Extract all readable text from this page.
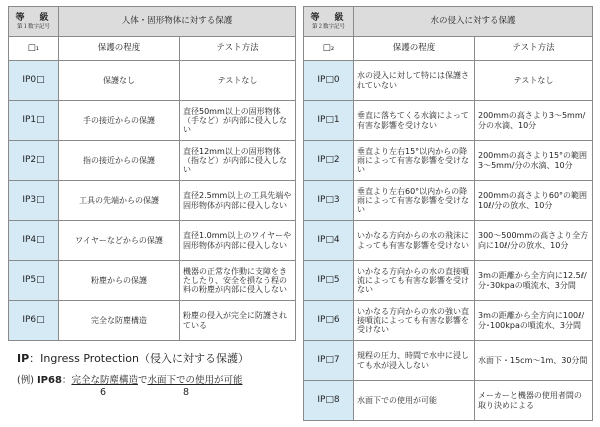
等　級
第１数字記号	人体・固形物体に対する保護	
□₁	保護の程度	テスト方法
IP0□	保護なし	テストなし
IP1□	手の接近からの保護	直径50mm以上の固形物体（手など）が内部に侵入しない
IP2□	指の接近からの保護	直径12mm以上の固形物体（指など）が内部に侵入しない
IP3□	工具の先端からの保護	直径2.5mm以上の工具先端や固形物体が内部に侵入しない
IP4□	ワイヤーなどからの保護	直径1.0mm以上のワイヤーや固形物体が内部に侵入しない
IP5□	粉塵からの保護	機器の正常な作動に支障をきたしたり、安全を損なう程の料の粉塵が内部に侵入しない
IP6□	完全な防塵構造	粉塵の侵入が完全に防護されている
等　級
第２数字記号	水の侵入に対する保護	
□₂	保護の程度	テスト方法
IP□0	水の浸入に対して特には保護されていない	テストなし
IP□1	垂直に落ちてくる水滴によって有害な影響を受けない	200mmの高さより3～5mm/分の水滴、10分
IP□2	垂直より左右15°以内からの降雨によって有害な影響を受けない	200mmの高さより15°の範囲3～5mm/分の水滴、10分
IP□3	垂直より左右60°以内からの降雨によって有害な影響を受けない	200mmの高さより60°の範囲10ℓ/分の放水、10分
IP□4	いかなる方向からの水の飛沫によっても有害な影響を受けない	300～500mmの高さより全方向に10ℓ/分の放水、10分
IP□5	いかなる方向からの水の直接噴流によっても有害な影響を受けない	3mの距離から全方向に12.5ℓ/分･30kpaの噴流水、3分間
IP□6	いかなる方向からの水の強い直接噴流によっても有害な影響を受けない	3mの距離から全方向に100ℓ/分･100kpaの噴流水、3分間
IP□7	規程の圧力、時間で水中に浸しても水が浸入しない	水面下・15cm～1m、30分間
IP□8	水面下での使用が可能	メーカーと機器の使用者間の取り決めによる
IP：Ingress Protection（侵入に対する保護）
(例) IP68：完全な防塵構造で水面下での使用が可能
6	8
